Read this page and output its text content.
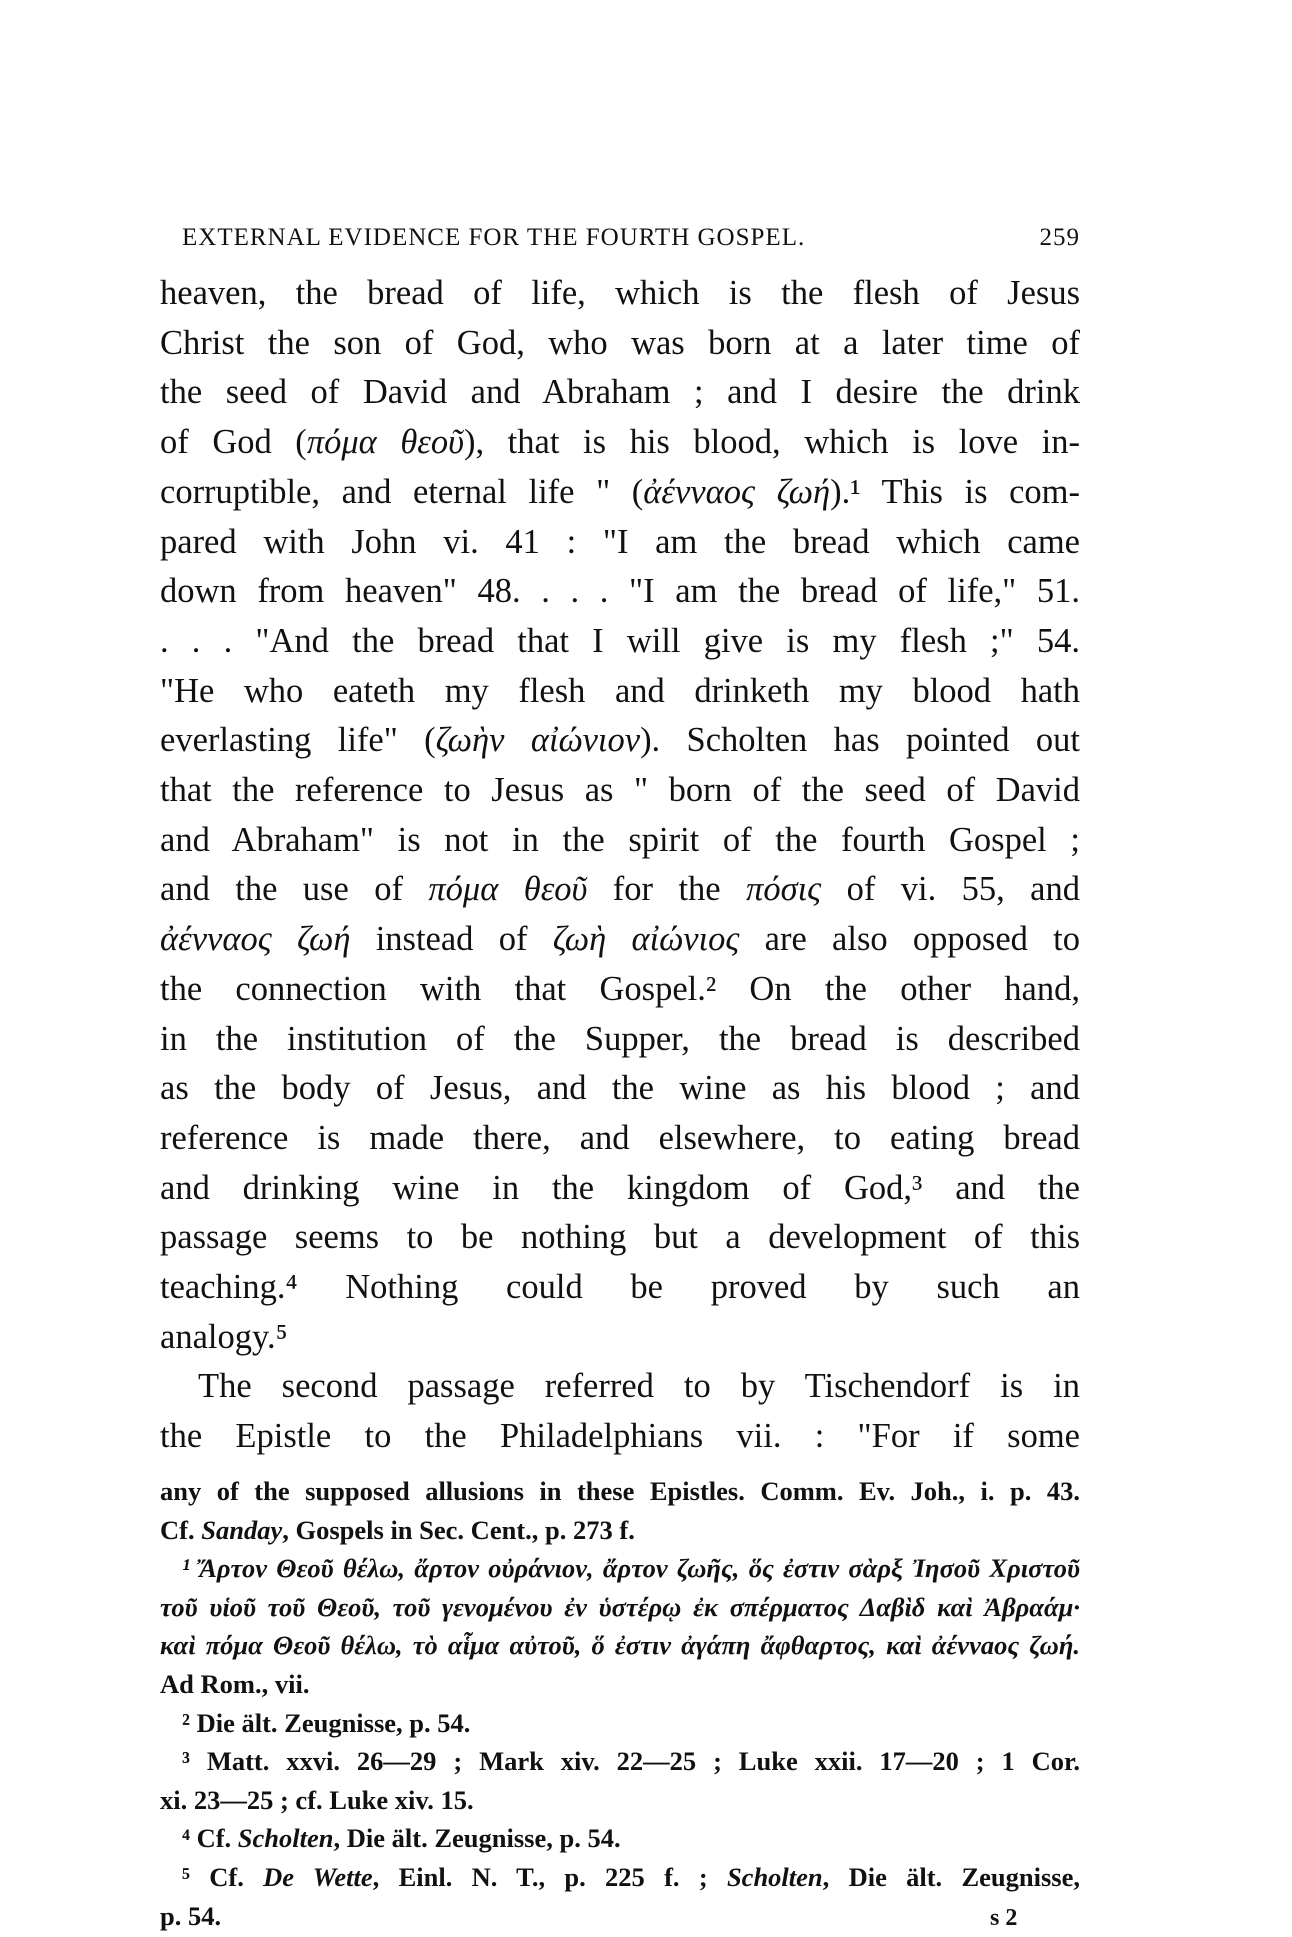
EXTERNAL EVIDENCE FOR THE FOURTH GOSPEL.	259
heaven, the bread of life, which is the flesh of Jesus
Christ the son of God, who was born at a later time of
the seed of David and Abraham ; and I desire the drink
of God (πόμα θεοῦ), that is his blood, which is love in-
corruptible, and eternal life " (ἀένναος ζωή).¹ This is com-
pared with John vi. 41 : "I am the bread which came
down from heaven" 48. . . . "I am the bread of life," 51.
. . . "And the bread that I will give is my flesh ;" 54.
"He who eateth my flesh and drinketh my blood hath
everlasting life" (ζωὴν αἰώνιον). Scholten has pointed out
that the reference to Jesus as " born of the seed of David
and Abraham" is not in the spirit of the fourth Gospel ;
and the use of πόμα θεοῦ for the πόσις of vi. 55, and
ἀένναος ζωή instead of ζωὴ αἰώνιος are also opposed to
the connection with that Gospel.² On the other hand,
in the institution of the Supper, the bread is described
as the body of Jesus, and the wine as his blood ; and
reference is made there, and elsewhere, to eating bread
and drinking wine in the kingdom of God,³ and the
passage seems to be nothing but a development of this
teaching.⁴ Nothing could be proved by such an
analogy.⁵
The second passage referred to by Tischendorf is in
the Epistle to the Philadelphians vii. : "For if some
any of the supposed allusions in these Epistles. Comm. Ev. Joh., i. p. 43.
Cf. Sanday, Gospels in Sec. Cent., p. 273 f.
¹ Ἄρτον Θεοῦ θέλω, ἄρτον οὐράνιον, ἄρτον ζωῆς, ὅς ἐστιν σὰρξ Ἰησοῦ Χριστοῦ
τοῦ υἱοῦ τοῦ Θεοῦ, τοῦ γενομένου ἐν ὑστέρῳ ἐκ σπέρματος Δαβὶδ καὶ Ἀβραάμ·
καὶ πόμα Θεοῦ θέλω, τὸ αἷμα αὐτοῦ, ὅ ἐστιν ἀγάπη ἄφθαρτος, καὶ ἀέννaος ζωή.
Ad Rom., vii.
² Die ält. Zeugnisse, p. 54.
³ Matt. xxvi. 26—29 ; Mark xiv. 22—25 ; Luke xxii. 17—20 ; 1 Cor.
xi. 23—25 ; cf. Luke xiv. 15.
⁴ Cf. Scholten, Die ält. Zeugnisse, p. 54.
⁵ Cf. De Wette, Einl. N. T., p. 225 f. ; Scholten, Die ält. Zeugnisse,
p. 54.	s 2
